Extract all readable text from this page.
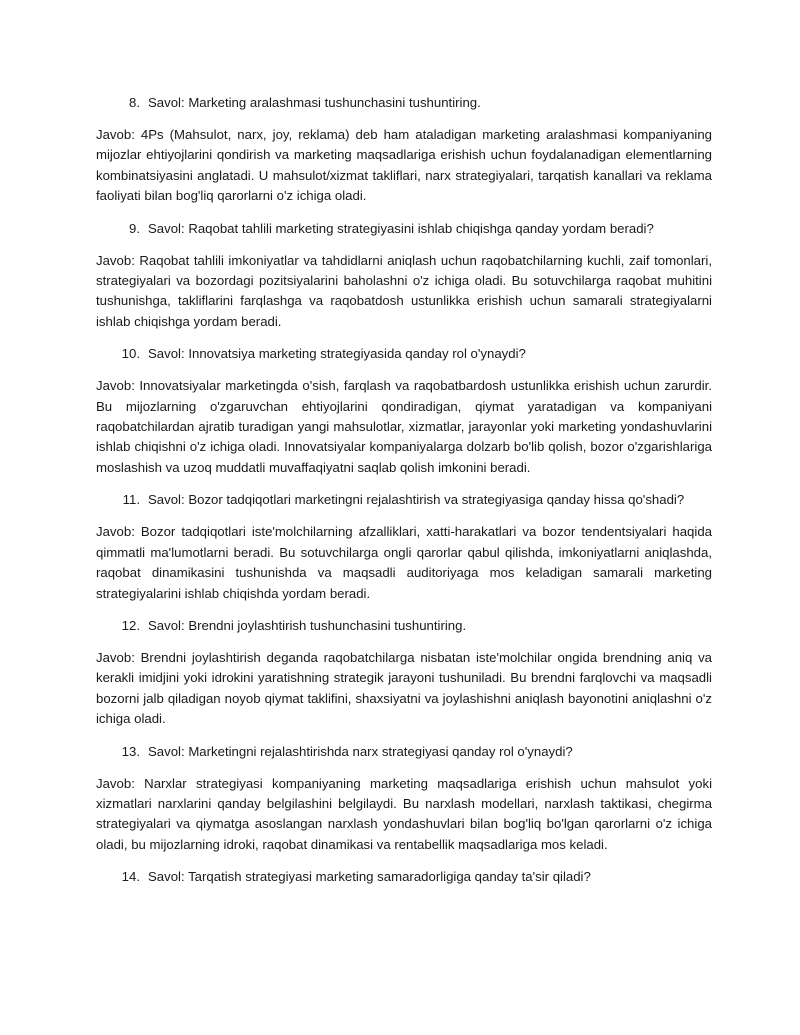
8. Savol: Marketing aralashmasi tushunchasini tushuntiring.

Javob: 4Ps (Mahsulot, narx, joy, reklama) deb ham ataladigan marketing aralashmasi kompaniyaning mijozlar ehtiyojlarini qondirish va marketing maqsadlariga erishish uchun foydalanadigan elementlarning kombinatsiyasini anglatadi. U mahsulot/xizmat takliflari, narx strategiyalari, tarqatish kanallari va reklama faoliyati bilan bog'liq qarorlarni o'z ichiga oladi.

9. Savol: Raqobat tahlili marketing strategiyasini ishlab chiqishga qanday yordam beradi?

Javob: Raqobat tahlili imkoniyatlar va tahdidlarni aniqlash uchun raqobatchilarning kuchli, zaif tomonlari, strategiyalari va bozordagi pozitsiyalarini baholashni o'z ichiga oladi. Bu sotuvchilarga raqobat muhitini tushunishga, takliflarini farqlashga va raqobatdosh ustunlikka erishish uchun samarali strategiyalarni ishlab chiqishga yordam beradi.

10. Savol: Innovatsiya marketing strategiyasida qanday rol o'ynaydi?

Javob: Innovatsiyalar marketingda o'sish, farqlash va raqobatbardosh ustunlikka erishish uchun zarurdir. Bu mijozlarning o'zgaruvchan ehtiyojlarini qondiradigan, qiymat yaratadigan va kompaniyani raqobatchilardan ajratib turadigan yangi mahsulotlar, xizmatlar, jarayonlar yoki marketing yondashuvlarini ishlab chiqishni o'z ichiga oladi. Innovatsiyalar kompaniyalarga dolzarb bo'lib qolish, bozor o'zgarishlariga moslashish va uzoq muddatli muvaffaqiyatni saqlab qolish imkonini beradi.

11. Savol: Bozor tadqiqotlari marketingni rejalashtirish va strategiyasiga qanday hissa qo'shadi?

Javob: Bozor tadqiqotlari iste'molchilarning afzalliklari, xatti-harakatlari va bozor tendentsiyalari haqida qimmatli ma'lumotlarni beradi. Bu sotuvchilarga ongli qarorlar qabul qilishda, imkoniyatlarni aniqlashda, raqobat dinamikasini tushunishda va maqsadli auditoriyaga mos keladigan samarali marketing strategiyalarini ishlab chiqishda yordam beradi.

12. Savol: Brendni joylashtirish tushunchasini tushuntiring.

Javob: Brendni joylashtirish deganda raqobatchilarga nisbatan iste'molchilar ongida brendning aniq va kerakli imidjini yoki idrokini yaratishning strategik jarayoni tushuniladi. Bu brendni farqlovchi va maqsadli bozorni jalb qiladigan noyob qiymat taklifini, shaxsiyatni va joylashishni aniqlash bayonotini aniqlashni o'z ichiga oladi.

13. Savol: Marketingni rejalashtirishda narx strategiyasi qanday rol o'ynaydi?

Javob: Narxlar strategiyasi kompaniyaning marketing maqsadlariga erishish uchun mahsulot yoki xizmatlari narxlarini qanday belgilashini belgilaydi. Bu narxlash modellari, narxlash taktikasi, chegirma strategiyalari va qiymatga asoslangan narxlash yondashuvlari bilan bog'liq bo'lgan qarorlarni o'z ichiga oladi, bu mijozlarning idroki, raqobat dinamikasi va rentabellik maqsadlariga mos keladi.

14. Savol: Tarqatish strategiyasi marketing samaradorligiga qanday ta'sir qiladi?
